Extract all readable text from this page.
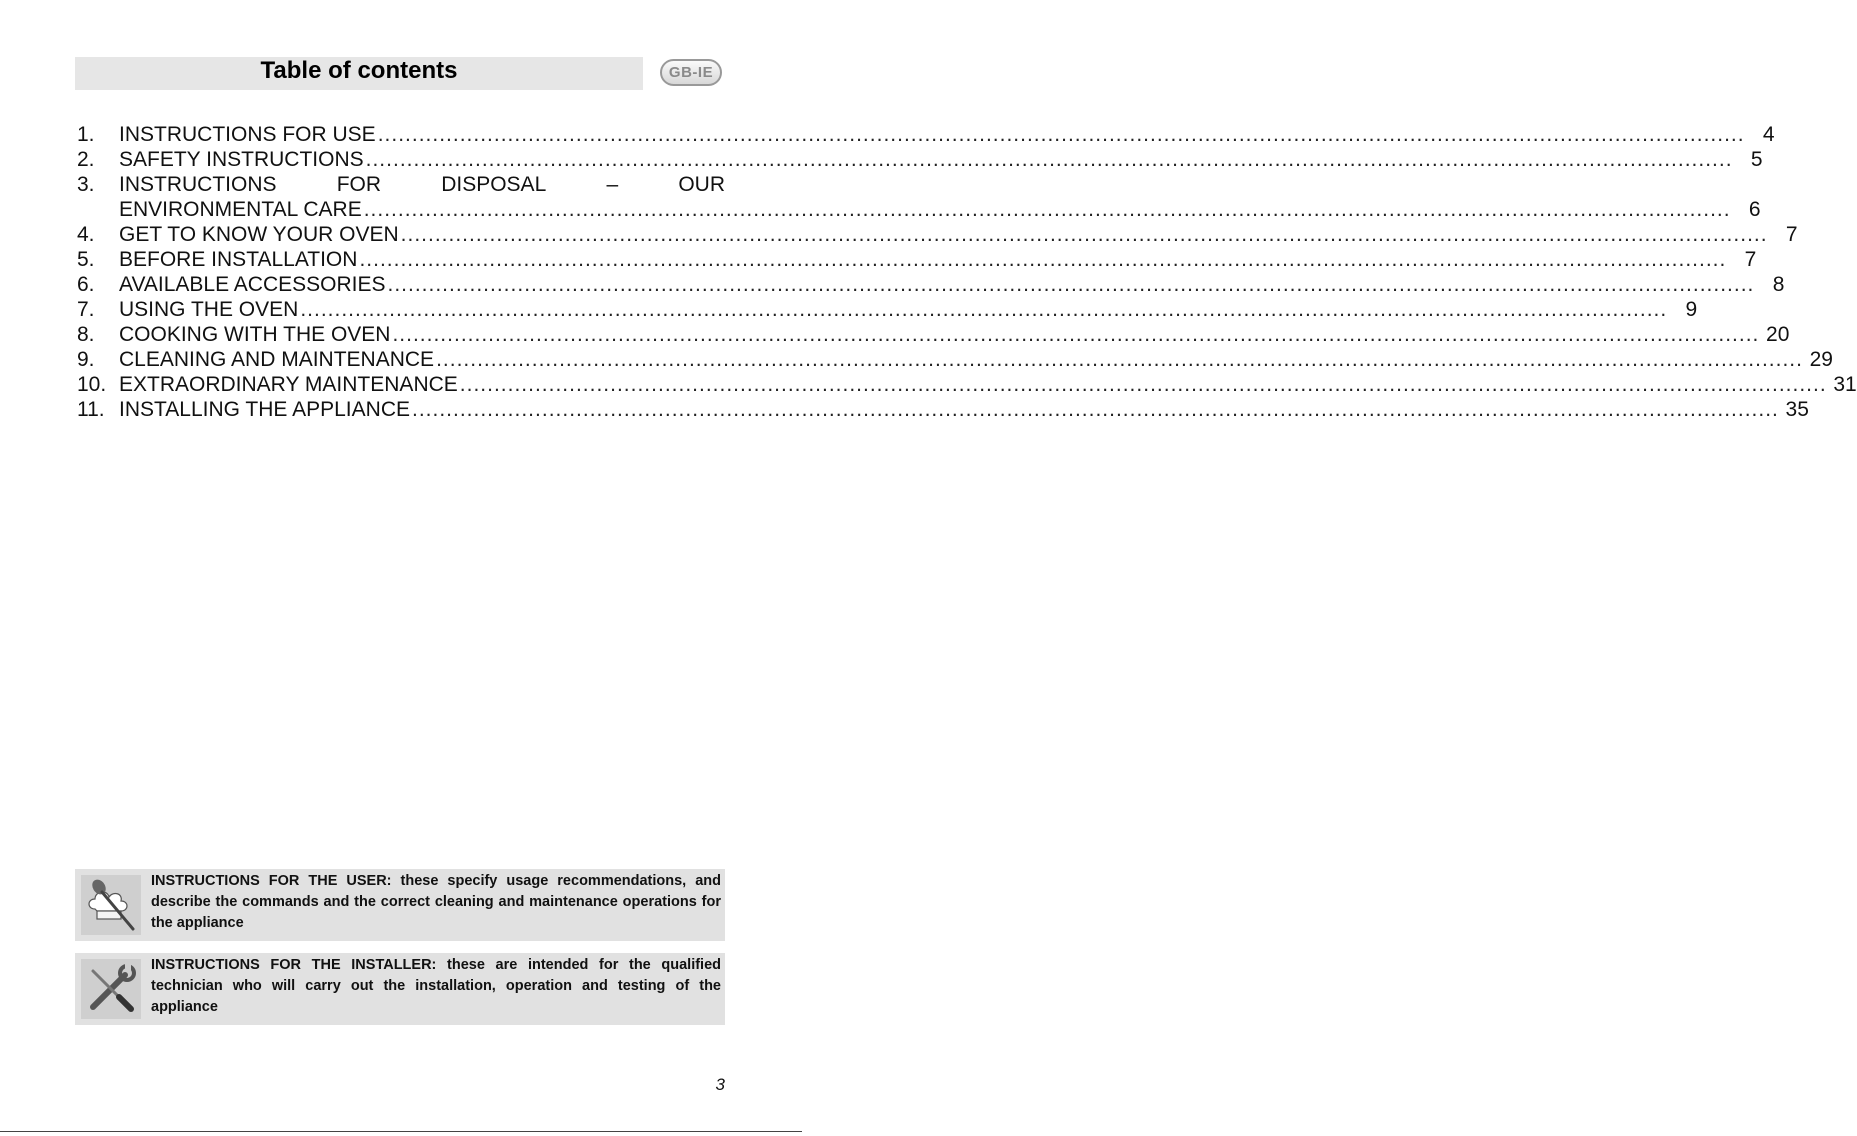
Table of contents	GB-IE
1.	INSTRUCTIONS FOR USE ........................................................................................................................................................................................................ 4
2.	SAFETY INSTRUCTIONS ........................................................................................................................................................................................................ 5
3.	INSTRUCTIONS	FOR	DISPOSAL	–	OUR
ENVIRONMENTAL CARE ........................................................................................................................................................................................................ 6
4.	GET TO KNOW YOUR OVEN ........................................................................................................................................................................................................ 7
5.	BEFORE INSTALLATION ........................................................................................................................................................................................................ 7
6.	AVAILABLE ACCESSORIES ........................................................................................................................................................................................................ 8
7.	USING THE OVEN ........................................................................................................................................................................................................ 9
8.	COOKING WITH THE OVEN ........................................................................................................................................................................................................ 20
9.	CLEANING AND MAINTENANCE ........................................................................................................................................................................................................ 29
10. EXTRAORDINARY MAINTENANCE ........................................................................................................................................................................................................ 31
11. INSTALLING THE APPLIANCE ........................................................................................................................................................................................................ 35
INSTRUCTIONS FOR THE USER: these specify usage recommendations, and describe the commands and the correct cleaning and maintenance operations for the appliance
INSTRUCTIONS FOR THE INSTALLER: these are intended for the qualified technician who will carry out the installation, operation and testing of the appliance
3
